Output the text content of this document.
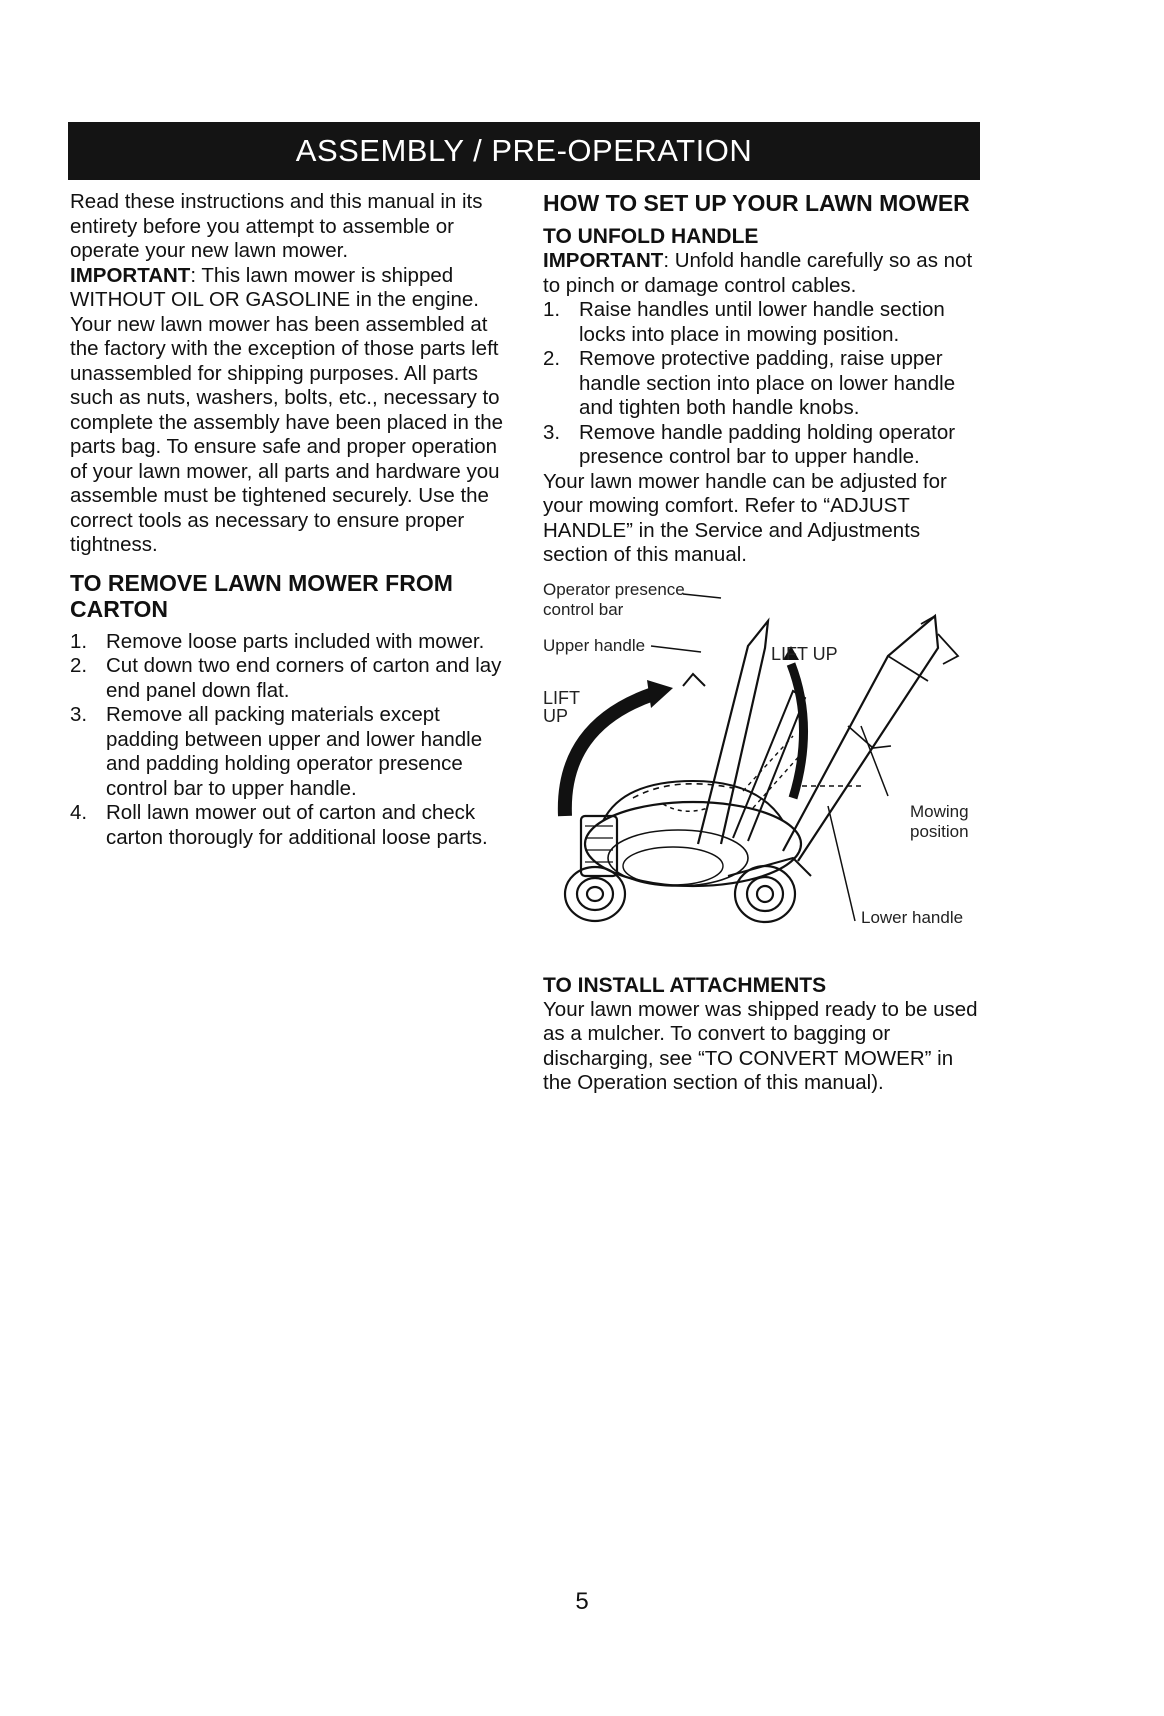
ASSEMBLY / PRE-OPERATION

Read these instructions and this manual in its entirety before you attempt to assemble or operate your new lawn mower.

IMPORTANT: This lawn mower is shipped WITHOUT OIL OR GASOLINE in the engine.

Your new lawn mower has been assembled at the factory with the exception of those parts left unassembled for shipping purposes. All parts such as nuts, washers, bolts, etc., necessary to complete the assembly have been placed in the parts bag. To ensure safe and proper operation of your lawn mower, all parts and hardware you assemble must be tightened securely. Use the correct tools as necessary to ensure proper tightness.

TO REMOVE LAWN MOWER FROM CARTON

1. Remove loose parts included with mower.
2. Cut down two end corners of carton and lay end panel down flat.
3. Remove all packing materials except padding between upper and lower handle and padding holding operator presence control bar to upper handle.
4. Roll lawn mower out of carton and check carton thorougly for additional loose parts.

HOW TO SET UP YOUR LAWN MOWER

TO UNFOLD HANDLE

IMPORTANT: Unfold handle carefully so as not to pinch or damage control cables.

1. Raise handles until lower handle section locks into place in mowing position.
2. Remove protective padding, raise upper handle section into place on lower handle and tighten both handle knobs.
3. Remove handle padding holding operator presence control bar to upper handle.

Your lawn mower handle can be adjusted for your mowing comfort. Refer to “ADJUST HANDLE” in the Service and Adjustments section of this manual.

Operator presence
control bar
Upper handle	LIFT UP
LIFT
UP
Mowing
position
Lower handle

TO INSTALL ATTACHMENTS

Your lawn mower was shipped ready to be used as a mulcher. To convert to bagging or discharging, see “TO CONVERT MOWER” in the Operation section of this manual).

5
